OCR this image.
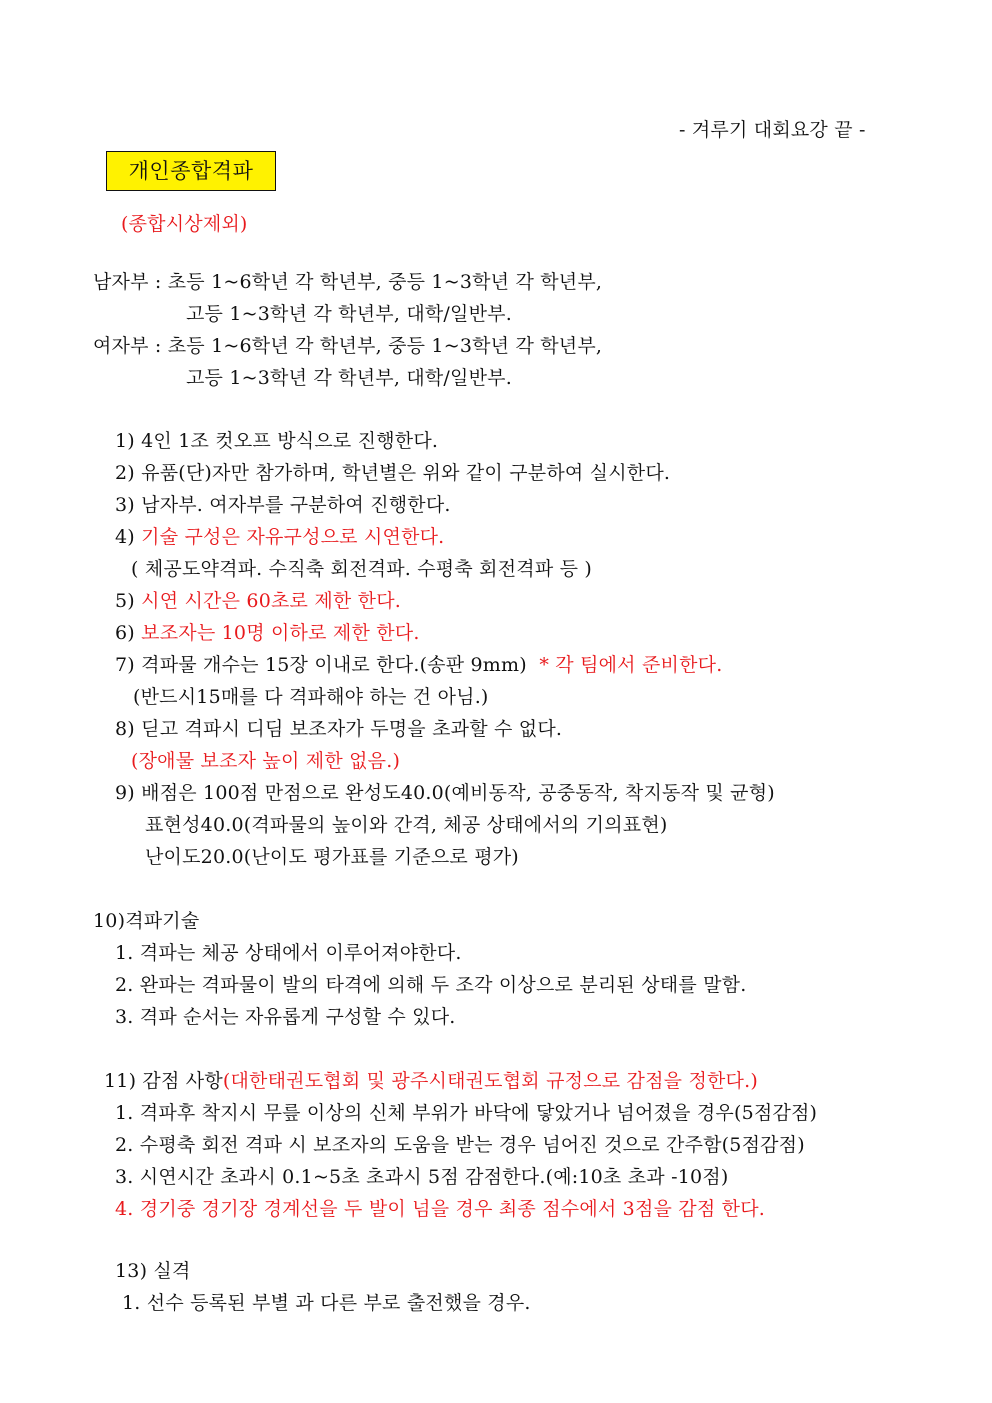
- 겨루기 대회요강 끝 -
개인종합격파
(종합시상제외)
남자부 : 초등 1~6학년 각 학년부, 중등 1~3학년 각 학년부,
고등 1~3학년 각 학년부, 대학/일반부.
여자부 : 초등 1~6학년 각 학년부, 중등 1~3학년 각 학년부,
고등 1~3학년 각 학년부, 대학/일반부.
1) 4인 1조 컷오프 방식으로 진행한다.
2) 유품(단)자만 참가하며, 학년별은 위와 같이 구분하여 실시한다.
3) 남자부. 여자부를 구분하여 진행한다.
4) 기술 구성은 자유구성으로 시연한다.
( 체공도약격파. 수직축 회전격파. 수평축 회전격파 등 )
5) 시연 시간은 60초로 제한 한다.
6) 보조자는 10명 이하로 제한 한다.
7) 격파물 개수는 15장 이내로 한다.(송판 9mm)  * 각 팀에서 준비한다.
(반드시15매를 다 격파해야 하는 건 아님.)
8) 딛고 격파시 디딤 보조자가 두명을 초과할 수 없다.
(장애물 보조자 높이 제한 없음.)
9) 배점은 100점 만점으로 완성도40.0(예비동작, 공중동작, 착지동작 및 균형)
표현성40.0(격파물의 높이와 간격, 체공 상태에서의 기의표현)
난이도20.0(난이도 평가표를 기준으로 평가)
10)격파기술
1. 격파는 체공 상태에서 이루어져야한다.
2. 완파는 격파물이 발의 타격에 의해 두 조각 이상으로 분리된 상태를 말함.
3. 격파 순서는 자유롭게 구성할 수 있다.
11) 감점 사항(대한태권도협회 및 광주시태권도협회 규정으로 감점을 정한다.)
1. 격파후 착지시 무릎 이상의 신체 부위가 바닥에 닿았거나 넘어졌을 경우(5점감점)
2. 수평축 회전 격파 시 보조자의 도움을 받는 경우 넘어진 것으로 간주함(5점감점)
3. 시연시간 초과시 0.1~5초 초과시 5점 감점한다.(예:10초 초과 -10점)
4. 경기중 경기장 경계선을 두 발이 넘을 경우 최종 점수에서 3점을 감점 한다.
13) 실격
1. 선수 등록된 부별 과 다른 부로 출전했을 경우.
